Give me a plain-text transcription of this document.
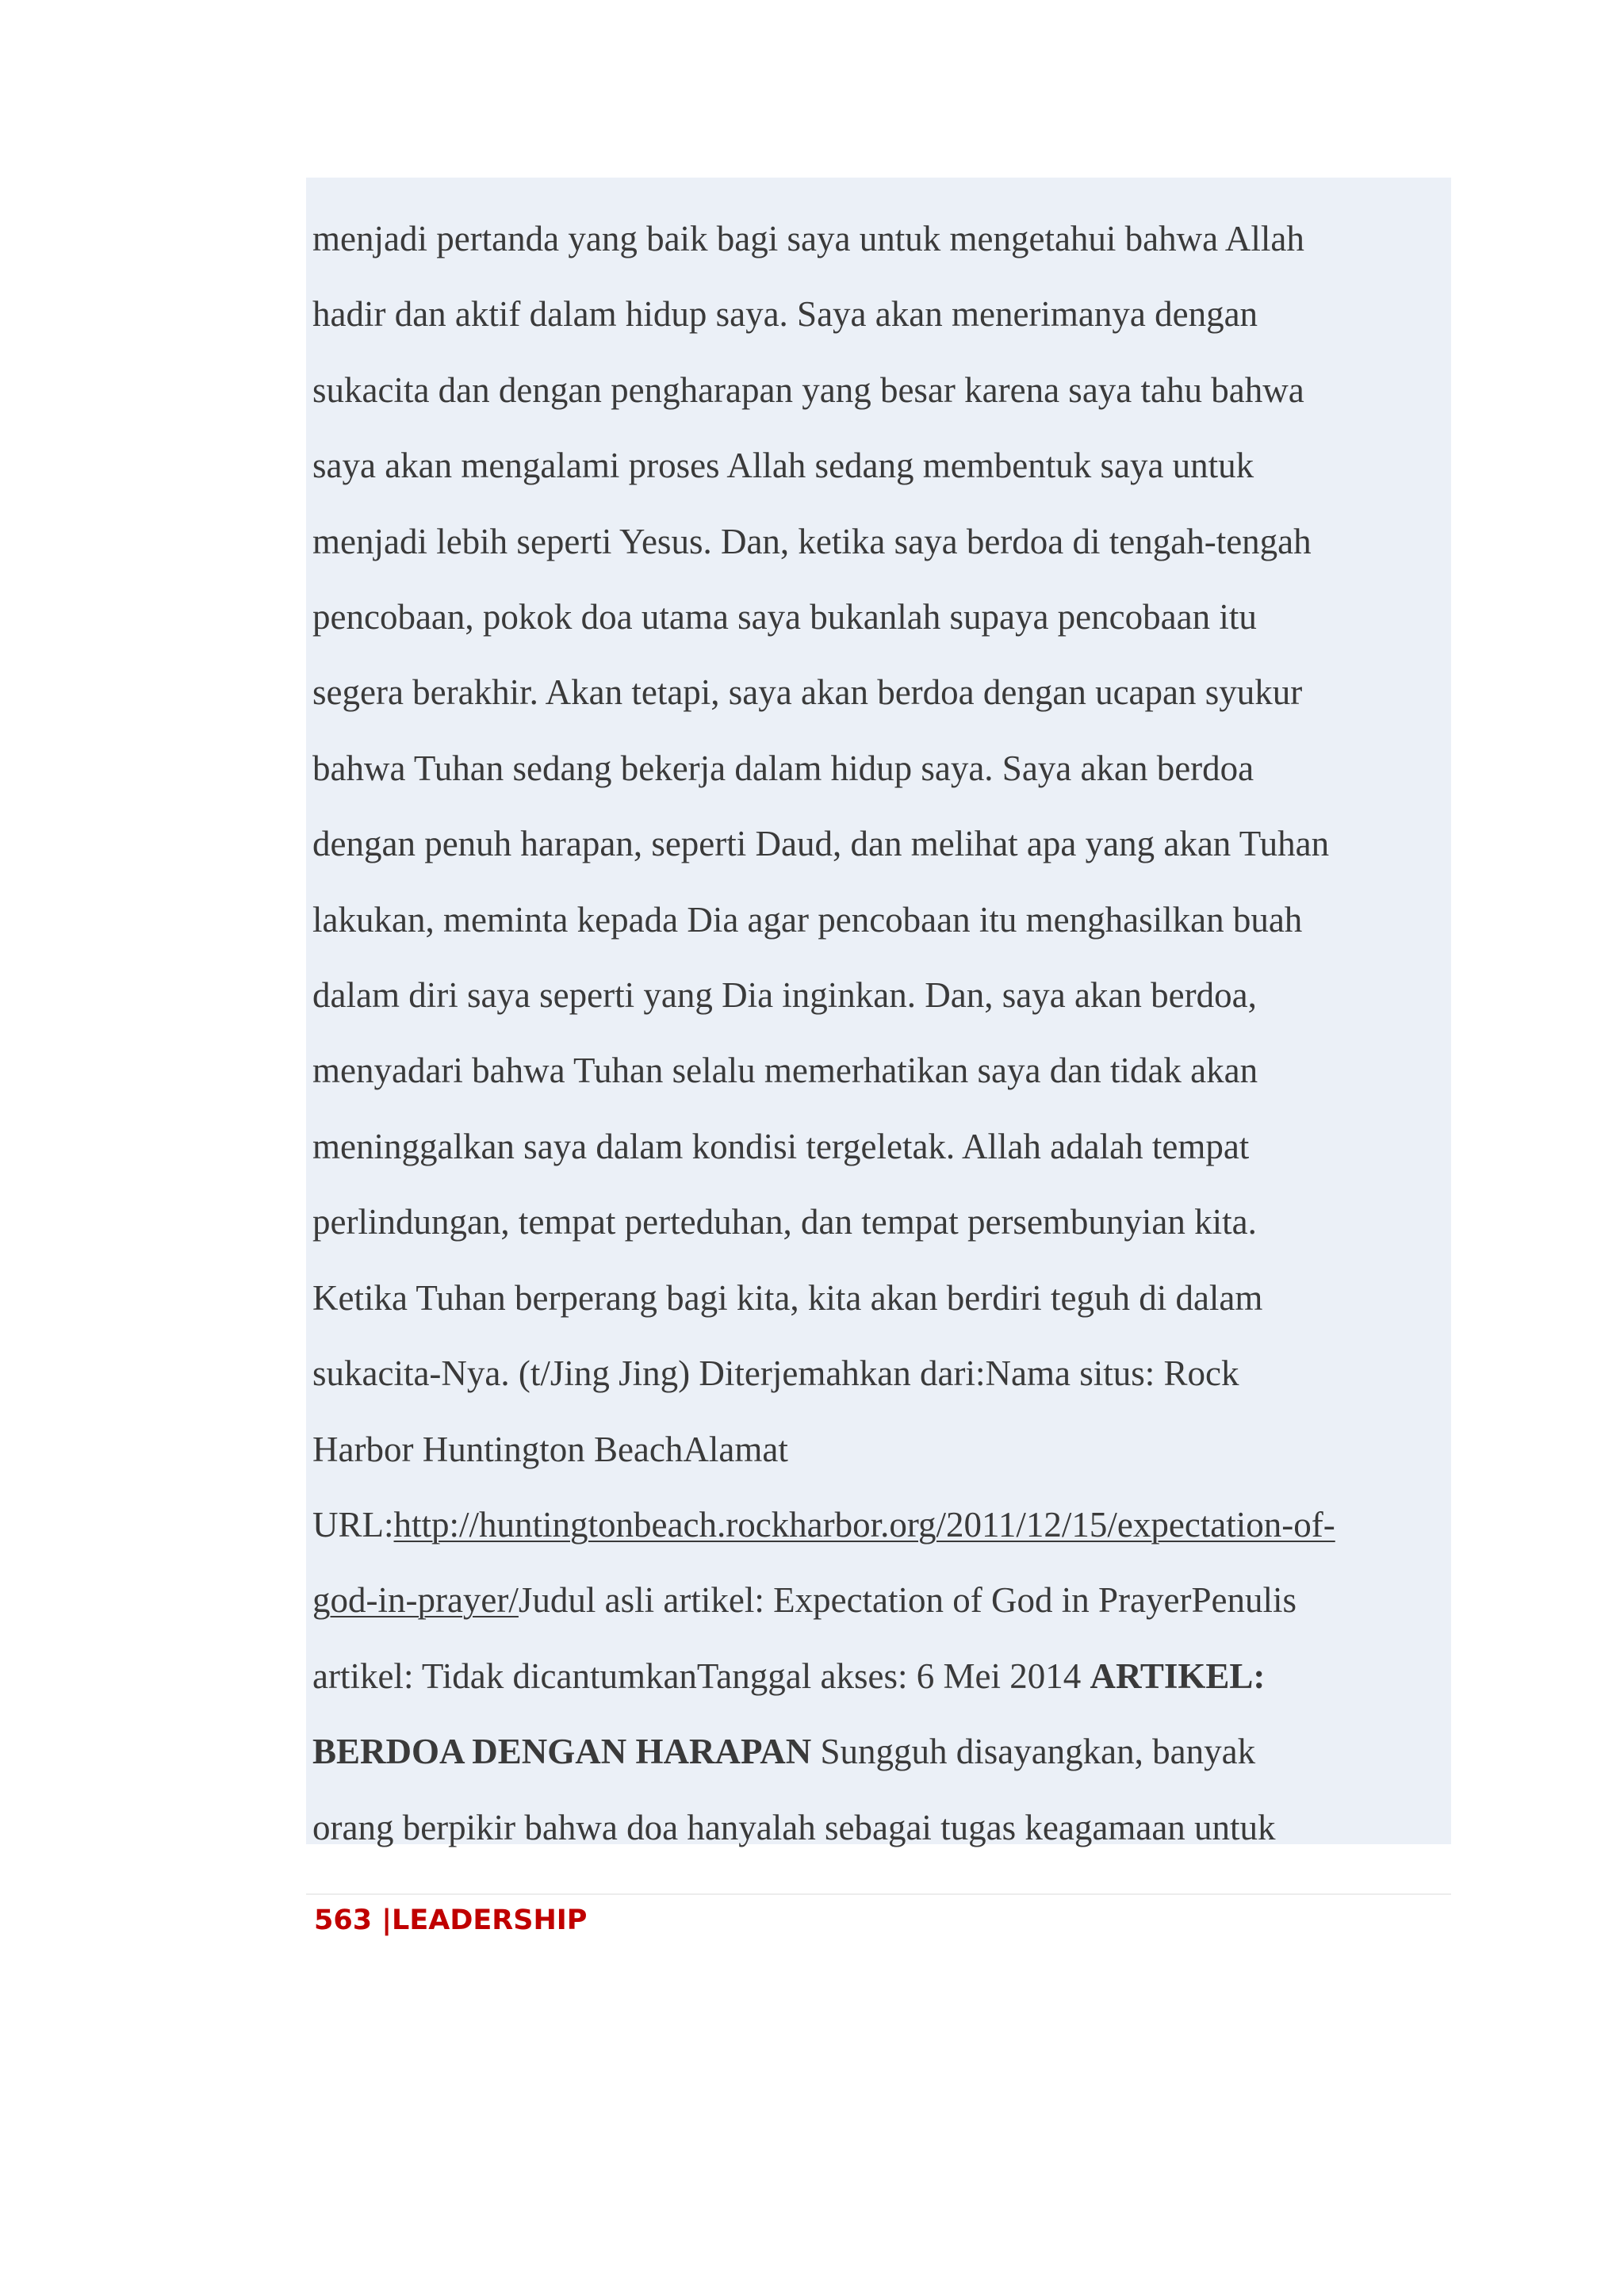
menjadi pertanda yang baik bagi saya untuk mengetahui bahwa Allah
hadir dan aktif dalam hidup saya. Saya akan menerimanya dengan
sukacita dan dengan pengharapan yang besar karena saya tahu bahwa
saya akan mengalami proses Allah sedang membentuk saya untuk
menjadi lebih seperti Yesus. Dan, ketika saya berdoa di tengah-tengah
pencobaan, pokok doa utama saya bukanlah supaya pencobaan itu
segera berakhir. Akan tetapi, saya akan berdoa dengan ucapan syukur
bahwa Tuhan sedang bekerja dalam hidup saya. Saya akan berdoa
dengan penuh harapan, seperti Daud, dan melihat apa yang akan Tuhan
lakukan, meminta kepada Dia agar pencobaan itu menghasilkan buah
dalam diri saya seperti yang Dia inginkan. Dan, saya akan berdoa,
menyadari bahwa Tuhan selalu memerhatikan saya dan tidak akan
meninggalkan saya dalam kondisi tergeletak. Allah adalah tempat
perlindungan, tempat perteduhan, dan tempat persembunyian kita.
Ketika Tuhan berperang bagi kita, kita akan berdiri teguh di dalam
sukacita-Nya. (t/Jing Jing) Diterjemahkan dari:Nama situs: Rock
Harbor Huntington BeachAlamat
URL:http://huntingtonbeach.rockharbor.org/2011/12/15/expectation-of-
god-in-prayer/Judul asli artikel: Expectation of God in PrayerPenulis
artikel: Tidak dicantumkanTanggal akses: 6 Mei 2014 ARTIKEL:
BERDOA DENGAN HARAPAN Sungguh disayangkan, banyak
orang berpikir bahwa doa hanyalah sebagai tugas keagamaan untuk

563 |LEADERSHIP
